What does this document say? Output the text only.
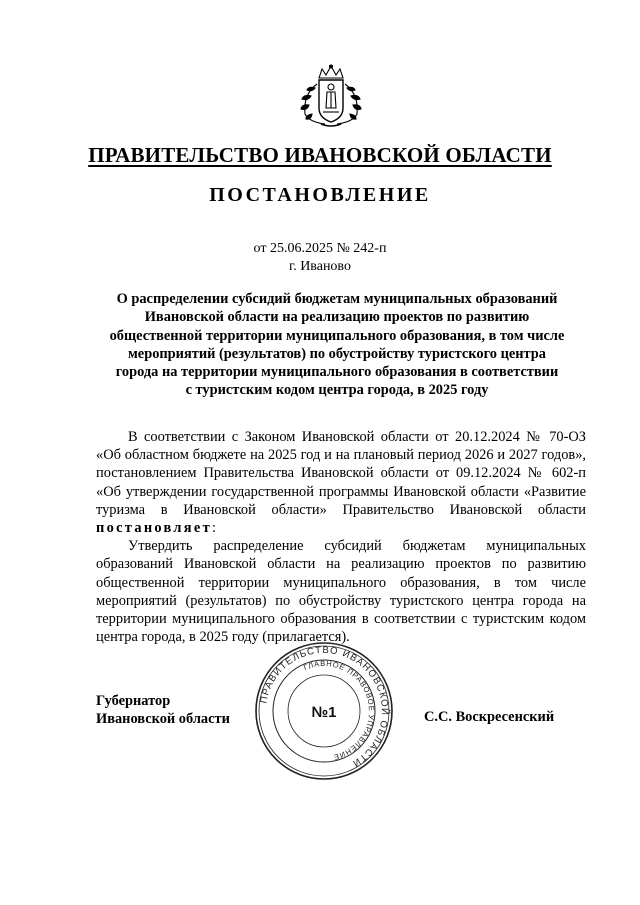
ПРАВИТЕЛЬСТВО ИВАНОВСКОЙ ОБЛАСТИ
ПОСТАНОВЛЕНИЕ
от 25.06.2025 № 242-п
г. Иваново
О распределении субсидий бюджетам муниципальных образований
Ивановской области на реализацию проектов по развитию
общественной территории муниципального образования, в том числе
мероприятий (результатов) по обустройству туристского центра
города на территории муниципального образования в соответствии
с туристским кодом центра города, в 2025 году

В соответствии с Законом Ивановской области от 20.12.2024 № 70-ОЗ «Об областном бюджете на 2025 год и на плановый период 2026 и 2027 годов», постановлением Правительства Ивановской области от 09.12.2024 № 602-п «Об утверждении государственной программы Ивановской области «Развитие туризма в Ивановской области» Правительство Ивановской области постановляет:

Утвердить распределение субсидий бюджетам муниципальных образований Ивановской области на реализацию проектов по развитию общественной территории муниципального образования, в том числе мероприятий (результатов) по обустройству туристского центра города на территории муниципального образования в соответствии с туристским кодом центра города, в 2025 году (прилагается).

Губернатор
Ивановской области	С.С. Воскресенский
ПРАВИТЕЛЬСТВО ИВАНОВСКОЙ ОБЛАСТИ
ГЛАВНОЕ ПРАВОВОЕ УПРАВЛЕНИЕ
№1
